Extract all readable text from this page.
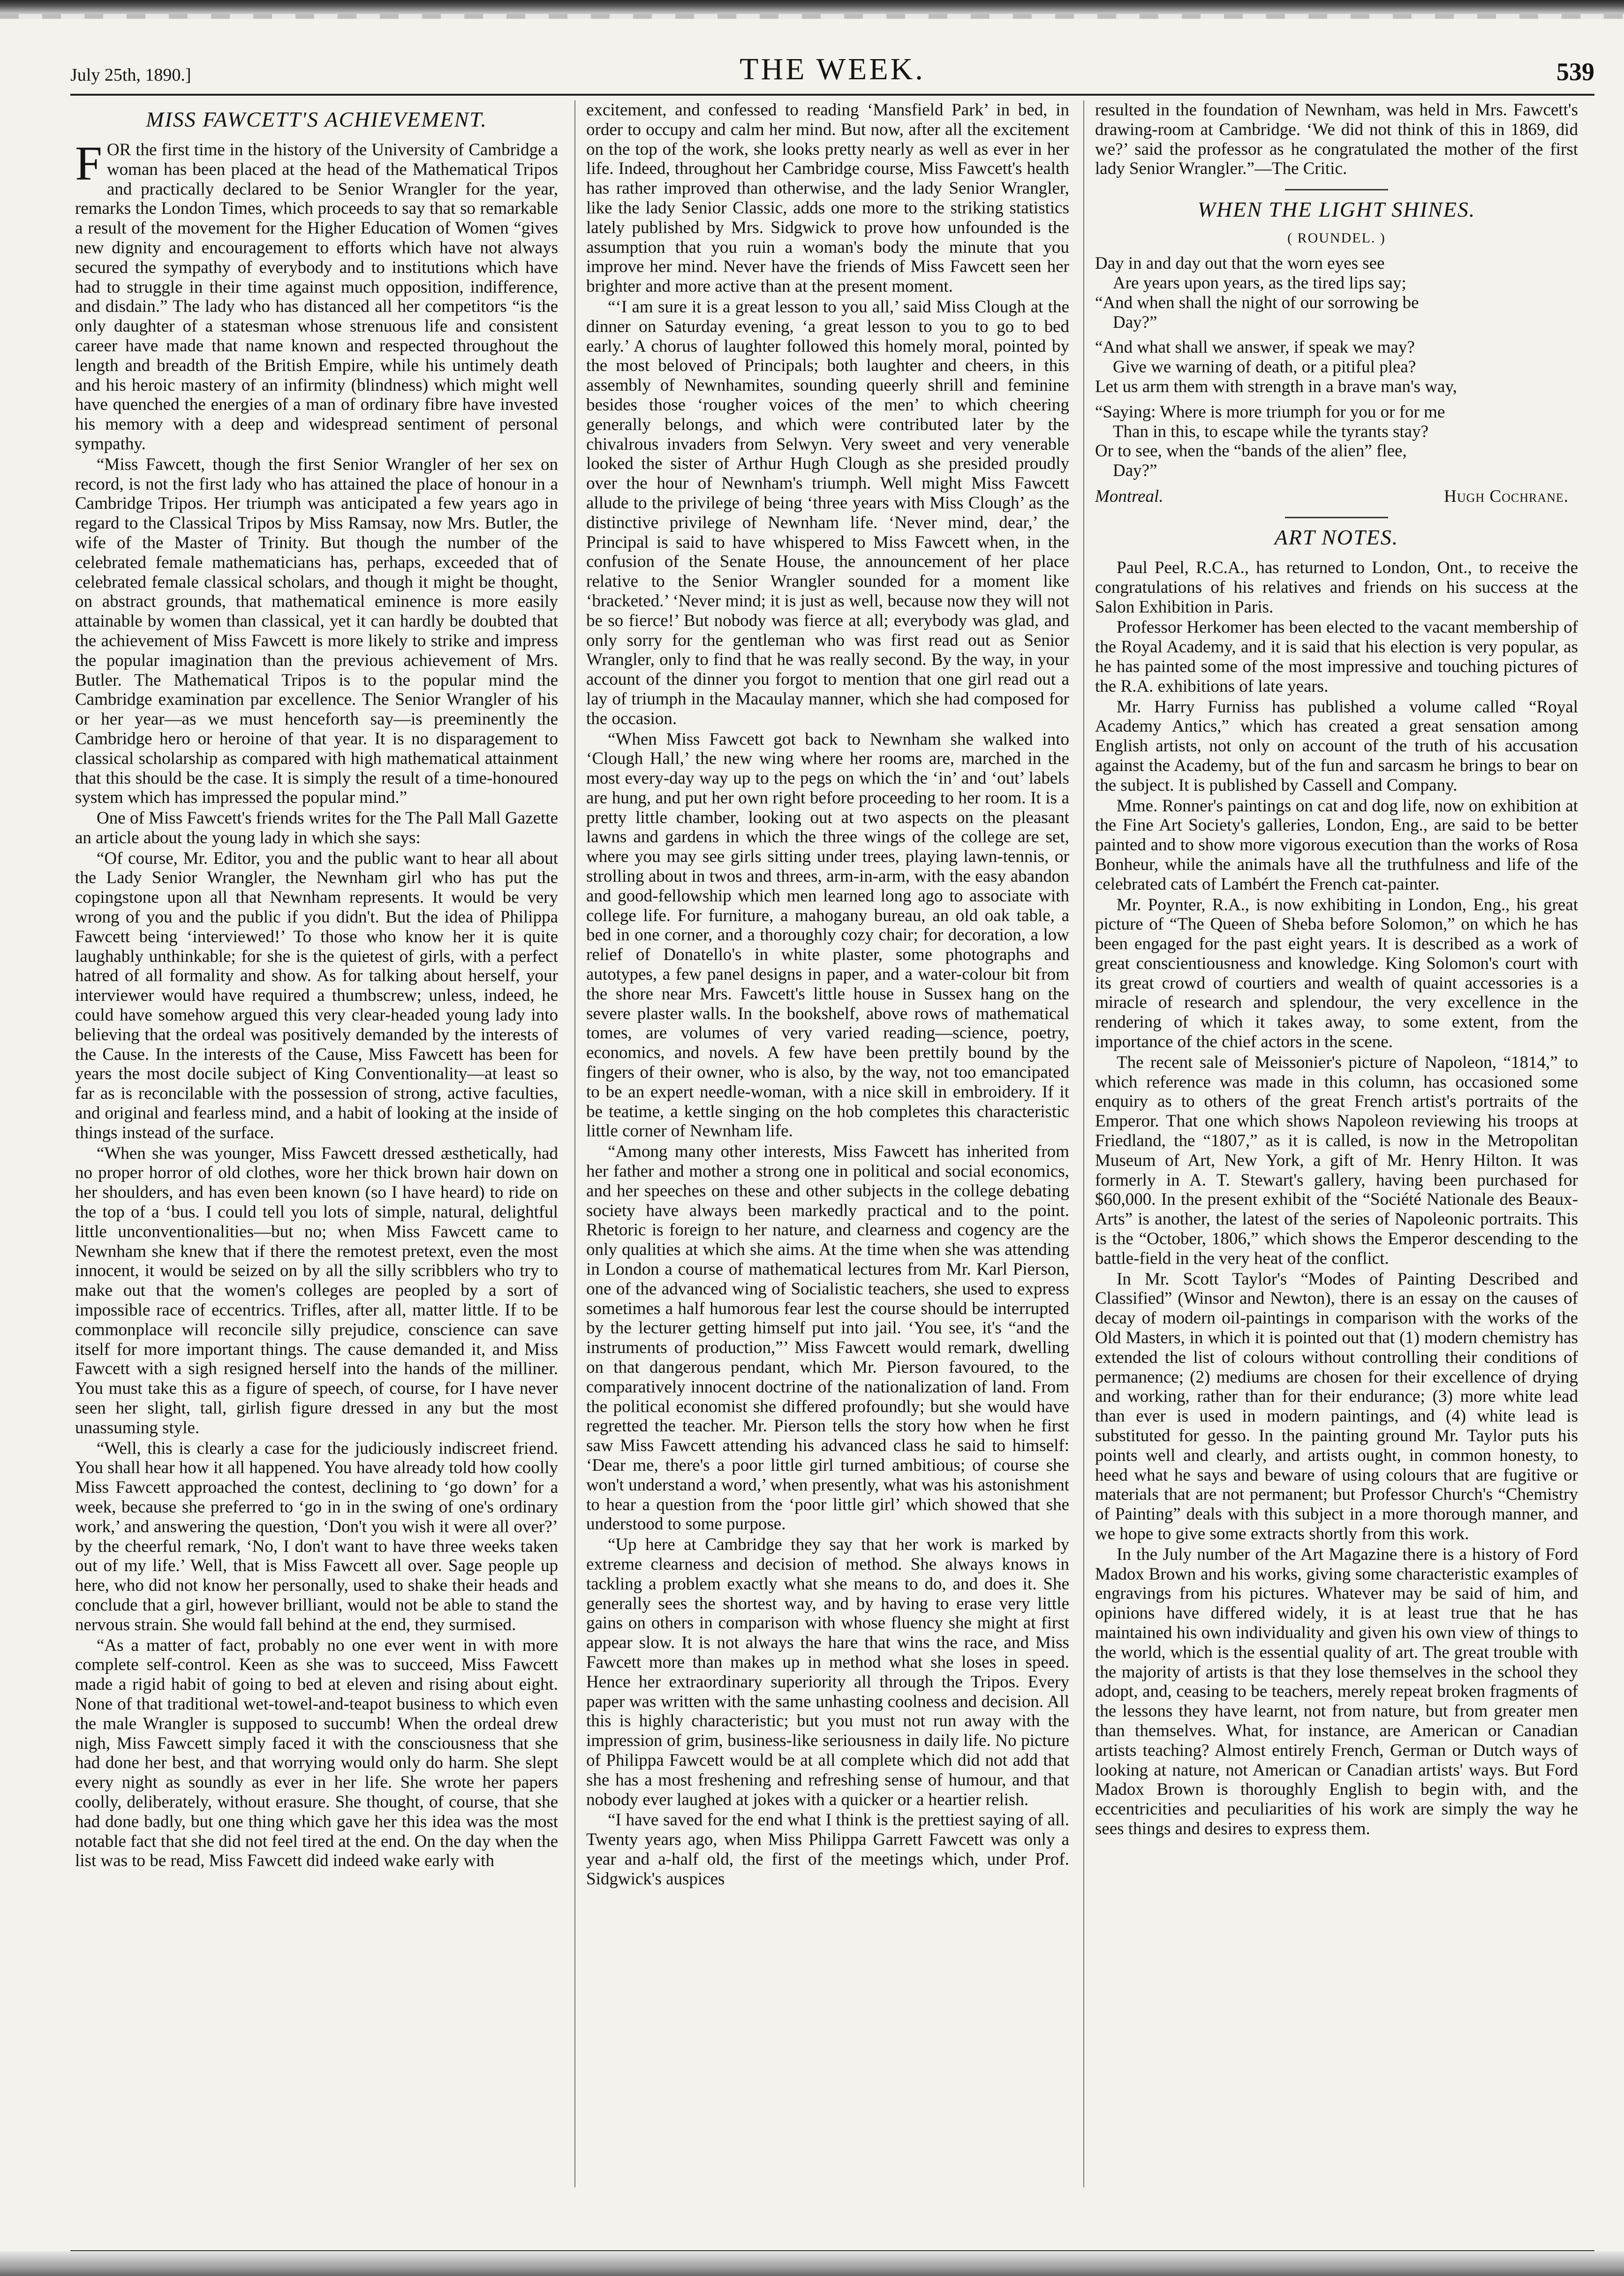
July 25th, 1890.]	THE WEEK.	539
MISS FAWCETT'S ACHIEVEMENT.

FOR the first time in the history of the University of Cambridge a woman has been placed at the head of the Mathematical Tripos and practically declared to be Senior Wrangler for the year, remarks the London Times, which proceeds to say that so remarkable a result of the movement for the Higher Education of Women “gives new dignity and encouragement to efforts which have not always secured the sympathy of everybody and to institutions which have had to struggle in their time against much opposition, indifference, and disdain.” The lady who has distanced all her competitors “is the only daughter of a statesman whose strenuous life and consistent career have made that name known and respected throughout the length and breadth of the British Empire, while his untimely death and his heroic mastery of an infirmity (blindness) which might well have quenched the energies of a man of ordinary fibre have invested his memory with a deep and widespread sentiment of personal sympathy.

“Miss Fawcett, though the first Senior Wrangler of her sex on record, is not the first lady who has attained the place of honour in a Cambridge Tripos. Her triumph was anticipated a few years ago in regard to the Classical Tripos by Miss Ramsay, now Mrs. Butler, the wife of the Master of Trinity. But though the number of the celebrated female mathematicians has, perhaps, exceeded that of celebrated female classical scholars, and though it might be thought, on abstract grounds, that mathematical eminence is more easily attainable by women than classical, yet it can hardly be doubted that the achievement of Miss Fawcett is more likely to strike and impress the popular imagination than the previous achievement of Mrs. Butler. The Mathematical Tripos is to the popular mind the Cambridge examination par excellence. The Senior Wrangler of his or her year—as we must henceforth say—is preeminently the Cambridge hero or heroine of that year. It is no disparagement to classical scholarship as compared with high mathematical attainment that this should be the case. It is simply the result of a time-honoured system which has impressed the popular mind.”

One of Miss Fawcett's friends writes for the The Pall Mall Gazette an article about the young lady in which she says:

“Of course, Mr. Editor, you and the public want to hear all about the Lady Senior Wrangler, the Newnham girl who has put the copingstone upon all that Newnham represents. It would be very wrong of you and the public if you didn't. But the idea of Philippa Fawcett being ‘interviewed!’ To those who know her it is quite laughably unthinkable; for she is the quietest of girls, with a perfect hatred of all formality and show. As for talking about herself, your interviewer would have required a thumbscrew; unless, indeed, he could have somehow argued this very clear-headed young lady into believing that the ordeal was positively demanded by the interests of the Cause. In the interests of the Cause, Miss Fawcett has been for years the most docile subject of King Conventionality—at least so far as is reconcilable with the possession of strong, active faculties, and original and fearless mind, and a habit of looking at the inside of things instead of the surface.

“When she was younger, Miss Fawcett dressed æsthetically, had no proper horror of old clothes, wore her thick brown hair down on her shoulders, and has even been known (so I have heard) to ride on the top of a ‘bus. I could tell you lots of simple, natural, delightful little unconventionalities—but no; when Miss Fawcett came to Newnham she knew that if there the remotest pretext, even the most innocent, it would be seized on by all the silly scribblers who try to make out that the women's colleges are peopled by a sort of impossible race of eccentrics. Trifles, after all, matter little. If to be commonplace will reconcile silly prejudice, conscience can save itself for more important things. The cause demanded it, and Miss Fawcett with a sigh resigned herself into the hands of the milliner. You must take this as a figure of speech, of course, for I have never seen her slight, tall, girlish figure dressed in any but the most unassuming style.

“Well, this is clearly a case for the judiciously indiscreet friend. You shall hear how it all happened. You have already told how coolly Miss Fawcett approached the contest, declining to ‘go down’ for a week, because she preferred to ‘go in in the swing of one's ordinary work,’ and answering the question, ‘Don't you wish it were all over?’ by the cheerful remark, ‘No, I don't want to have three weeks taken out of my life.’ Well, that is Miss Fawcett all over. Sage people up here, who did not know her personally, used to shake their heads and conclude that a girl, however brilliant, would not be able to stand the nervous strain. She would fall behind at the end, they surmised.

“As a matter of fact, probably no one ever went in with more complete self-control. Keen as she was to succeed, Miss Fawcett made a rigid habit of going to bed at eleven and rising about eight. None of that traditional wet-towel-and-teapot business to which even the male Wrangler is supposed to succumb! When the ordeal drew nigh, Miss Fawcett simply faced it with the consciousness that she had done her best, and that worrying would only do harm. She slept every night as soundly as ever in her life. She wrote her papers coolly, deliberately, without erasure. She thought, of course, that she had done badly, but one thing which gave her this idea was the most notable fact that she did not feel tired at the end. On the day when the list was to be read, Miss Fawcett did indeed wake early with

excitement, and confessed to reading ‘Mansfield Park’ in bed, in order to occupy and calm her mind. But now, after all the excitement on the top of the work, she looks pretty nearly as well as ever in her life. Indeed, throughout her Cambridge course, Miss Fawcett's health has rather improved than otherwise, and the lady Senior Wrangler, like the lady Senior Classic, adds one more to the striking statistics lately published by Mrs. Sidgwick to prove how unfounded is the assumption that you ruin a woman's body the minute that you improve her mind. Never have the friends of Miss Fawcett seen her brighter and more active than at the present moment.

“‘I am sure it is a great lesson to you all,’ said Miss Clough at the dinner on Saturday evening, ‘a great lesson to you to go to bed early.’ A chorus of laughter followed this homely moral, pointed by the most beloved of Principals; both laughter and cheers, in this assembly of Newnhamites, sounding queerly shrill and feminine besides those ‘rougher voices of the men’ to which cheering generally belongs, and which were contributed later by the chivalrous invaders from Selwyn. Very sweet and very venerable looked the sister of Arthur Hugh Clough as she presided proudly over the hour of Newnham's triumph. Well might Miss Fawcett allude to the privilege of being ‘three years with Miss Clough’ as the distinctive privilege of Newnham life. ‘Never mind, dear,’ the Principal is said to have whispered to Miss Fawcett when, in the confusion of the Senate House, the announcement of her place relative to the Senior Wrangler sounded for a moment like ‘bracketed.’ ‘Never mind; it is just as well, because now they will not be so fierce!’ But nobody was fierce at all; everybody was glad, and only sorry for the gentleman who was first read out as Senior Wrangler, only to find that he was really second. By the way, in your account of the dinner you forgot to mention that one girl read out a lay of triumph in the Macaulay manner, which she had composed for the occasion.

“When Miss Fawcett got back to Newnham she walked into ‘Clough Hall,’ the new wing where her rooms are, marched in the most every-day way up to the pegs on which the ‘in’ and ‘out’ labels are hung, and put her own right before proceeding to her room. It is a pretty little chamber, looking out at two aspects on the pleasant lawns and gardens in which the three wings of the college are set, where you may see girls sitting under trees, playing lawn-tennis, or strolling about in twos and threes, arm-in-arm, with the easy abandon and good-fellowship which men learned long ago to associate with college life. For furniture, a mahogany bureau, an old oak table, a bed in one corner, and a thoroughly cozy chair; for decoration, a low relief of Donatello's in white plaster, some photographs and autotypes, a few panel designs in paper, and a water-colour bit from the shore near Mrs. Fawcett's little house in Sussex hang on the severe plaster walls. In the bookshelf, above rows of mathematical tomes, are volumes of very varied reading—science, poetry, economics, and novels. A few have been prettily bound by the fingers of their owner, who is also, by the way, not too emancipated to be an expert needle-woman, with a nice skill in embroidery. If it be teatime, a kettle singing on the hob completes this characteristic little corner of Newnham life.

“Among many other interests, Miss Fawcett has inherited from her father and mother a strong one in political and social economics, and her speeches on these and other subjects in the college debating society have always been markedly practical and to the point. Rhetoric is foreign to her nature, and clearness and cogency are the only qualities at which she aims. At the time when she was attending in London a course of mathematical lectures from Mr. Karl Pierson, one of the advanced wing of Socialistic teachers, she used to express sometimes a half humorous fear lest the course should be interrupted by the lecturer getting himself put into jail. ‘You see, it's “and the instruments of production,”’ Miss Fawcett would remark, dwelling on that dangerous pendant, which Mr. Pierson favoured, to the comparatively innocent doctrine of the nationalization of land. From the political economist she differed profoundly; but she would have regretted the teacher. Mr. Pierson tells the story how when he first saw Miss Fawcett attending his advanced class he said to himself: ‘Dear me, there's a poor little girl turned ambitious; of course she won't understand a word,’ when presently, what was his astonishment to hear a question from the ‘poor little girl’ which showed that she understood to some purpose.

“Up here at Cambridge they say that her work is marked by extreme clearness and decision of method. She always knows in tackling a problem exactly what she means to do, and does it. She generally sees the shortest way, and by having to erase very little gains on others in comparison with whose fluency she might at first appear slow. It is not always the hare that wins the race, and Miss Fawcett more than makes up in method what she loses in speed. Hence her extraordinary superiority all through the Tripos. Every paper was written with the same unhasting coolness and decision. All this is highly characteristic; but you must not run away with the impression of grim, business-like seriousness in daily life. No picture of Philippa Fawcett would be at all complete which did not add that she has a most freshening and refreshing sense of humour, and that nobody ever laughed at jokes with a quicker or a heartier relish.

“I have saved for the end what I think is the prettiest saying of all. Twenty years ago, when Miss Philippa Garrett Fawcett was only a year and a-half old, the first of the meetings which, under Prof. Sidgwick's auspices

resulted in the foundation of Newnham, was held in Mrs. Fawcett's drawing-room at Cambridge. ‘We did not think of this in 1869, did we?’ said the professor as he congratulated the mother of the first lady Senior Wrangler.”—The Critic.

WHEN THE LIGHT SHINES.
( ROUNDEL. )
Day in and day out that the worn eyes see
Are years upon years, as the tired lips say;
“And when shall the night of our sorrowing be
Day?”
“And what shall we answer, if speak we may?
Give we warning of death, or a pitiful plea?
Let us arm them with strength in a brave man's way,
“Saying: Where is more triumph for you or for me
Than in this, to escape while the tyrants stay?
Or to see, when the “bands of the alien” flee,
Day?”
Montreal.	Hugh Cochrane.
ART NOTES.

Paul Peel, R.C.A., has returned to London, Ont., to receive the congratulations of his relatives and friends on his success at the Salon Exhibition in Paris.

Professor Herkomer has been elected to the vacant membership of the Royal Academy, and it is said that his election is very popular, as he has painted some of the most impressive and touching pictures of the R.A. exhibitions of late years.

Mr. Harry Furniss has published a volume called “Royal Academy Antics,” which has created a great sensation among English artists, not only on account of the truth of his accusation against the Academy, but of the fun and sarcasm he brings to bear on the subject. It is published by Cassell and Company.

Mme. Ronner's paintings on cat and dog life, now on exhibition at the Fine Art Society's galleries, London, Eng., are said to be better painted and to show more vigorous execution than the works of Rosa Bonheur, while the animals have all the truthfulness and life of the celebrated cats of Lambért the French cat-painter.

Mr. Poynter, R.A., is now exhibiting in London, Eng., his great picture of “The Queen of Sheba before Solomon,” on which he has been engaged for the past eight years. It is described as a work of great conscientiousness and knowledge. King Solomon's court with its great crowd of courtiers and wealth of quaint accessories is a miracle of research and splendour, the very excellence in the rendering of which it takes away, to some extent, from the importance of the chief actors in the scene.

The recent sale of Meissonier's picture of Napoleon, “1814,” to which reference was made in this column, has occasioned some enquiry as to others of the great French artist's portraits of the Emperor. That one which shows Napoleon reviewing his troops at Friedland, the “1807,” as it is called, is now in the Metropolitan Museum of Art, New York, a gift of Mr. Henry Hilton. It was formerly in A. T. Stewart's gallery, having been purchased for $60,000. In the present exhibit of the “Société Nationale des Beaux-Arts” is another, the latest of the series of Napoleonic portraits. This is the “October, 1806,” which shows the Emperor descending to the battle-field in the very heat of the conflict.

In Mr. Scott Taylor's “Modes of Painting Described and Classified” (Winsor and Newton), there is an essay on the causes of decay of modern oil-paintings in comparison with the works of the Old Masters, in which it is pointed out that (1) modern chemistry has extended the list of colours without controlling their conditions of permanence; (2) mediums are chosen for their excellence of drying and working, rather than for their endurance; (3) more white lead than ever is used in modern paintings, and (4) white lead is substituted for gesso. In the painting ground Mr. Taylor puts his points well and clearly, and artists ought, in common honesty, to heed what he says and beware of using colours that are fugitive or materials that are not permanent; but Professor Church's “Chemistry of Painting” deals with this subject in a more thorough manner, and we hope to give some extracts shortly from this work.

In the July number of the Art Magazine there is a history of Ford Madox Brown and his works, giving some characteristic examples of engravings from his pictures. Whatever may be said of him, and opinions have differed widely, it is at least true that he has maintained his own individuality and given his own view of things to the world, which is the essential quality of art. The great trouble with the majority of artists is that they lose themselves in the school they adopt, and, ceasing to be teachers, merely repeat broken fragments of the lessons they have learnt, not from nature, but from greater men than themselves. What, for instance, are American or Canadian artists teaching? Almost entirely French, German or Dutch ways of looking at nature, not American or Canadian artists' ways. But Ford Madox Brown is thoroughly English to begin with, and the eccentricities and peculiarities of his work are simply the way he sees things and desires to express them.
